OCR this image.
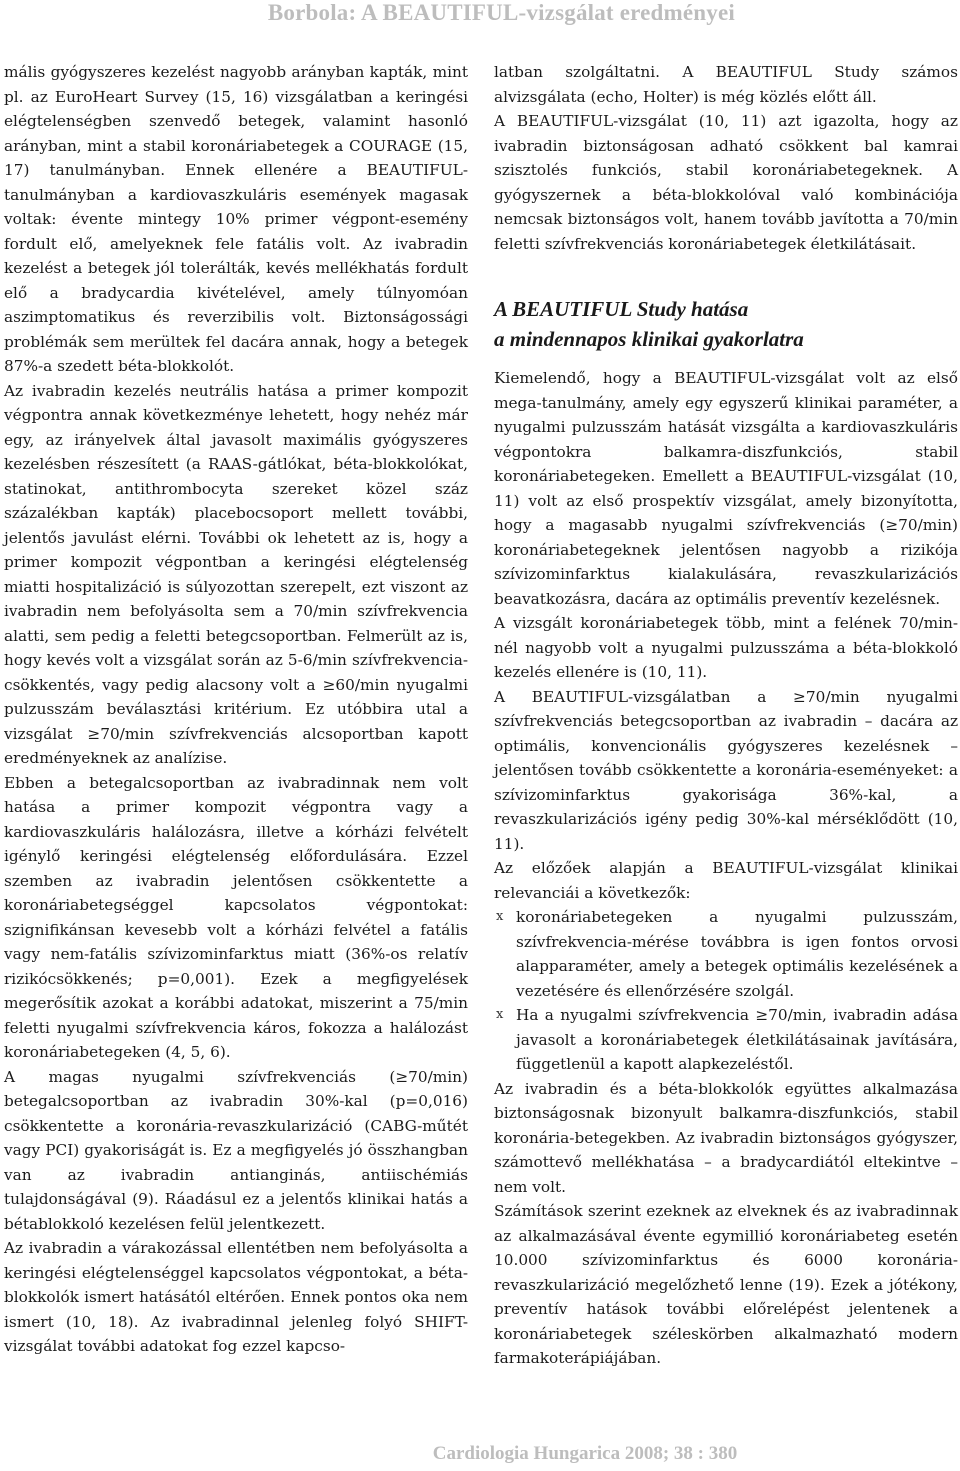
Borbola: A BEAUTIFUL-vizsgálat eredményei

mális gyógyszeres kezelést nagyobb arányban kapták, mint pl. az EuroHeart Survey (15, 16) vizsgálatban a keringési elégtelenségben szenvedő betegek, valamint hasonló arányban, mint a stabil koronáriabetegek a COURAGE (15, 17) tanulmányban. Ennek ellenére a BEAUTIFUL-tanulmányban a kardiovaszkuláris események magasak voltak: évente mintegy 10% primer végpont-esemény fordult elő, amelyeknek fele fatális volt. Az ivabradin kezelést a betegek jól tolerálták, kevés mellékhatás fordult elő a bradycardia kivételével, amely túlnyomóan aszimptomatikus és reverzibilis volt. Biztonságossági problémák sem merültek fel dacára annak, hogy a betegek 87%-a szedett béta-blokkolót.

Az ivabradin kezelés neutrális hatása a primer kompozit végpontra annak következménye lehetett, hogy nehéz már egy, az irányelvek által javasolt maximális gyógyszeres kezelésben részesített (a RAAS-gátlókat, béta-blokkolókat, statinokat, antithrombocyta szereket közel száz százalékban kapták) placebocsoport mellett további, jelentős javulást elérni. További ok lehetett az is, hogy a primer kompozit végpontban a keringési elégtelenség miatti hospitalizáció is súlyozottan szerepelt, ezt viszont az ivabradin nem befolyásolta sem a 70/min szívfrekvencia alatti, sem pedig a feletti betegcsoportban. Felmerült az is, hogy kevés volt a vizsgálat során az 5-6/min szívfrekvencia-csökkentés, vagy pedig alacsony volt a ≥60/min nyugalmi pulzusszám beválasztási kritérium. Ez utóbbira utal a vizsgálat ≥70/min szívfrekvenciás alcsoportban kapott eredményeknek az analízise.

Ebben a betegalcsoportban az ivabradinnak nem volt hatása a primer kompozit végpontra vagy a kardiovaszkuláris halálozásra, illetve a kórházi felvételt igénylő keringési elégtelenség előfordulására. Ezzel szemben az ivabradin jelentősen csökkentette a koronáriabetegséggel kapcsolatos végpontokat: szignifikánsan kevesebb volt a kórházi felvétel a fatális vagy nem-fatális szívizominfarktus miatt (36%-os relatív rizikócsökkenés; p=0,001). Ezek a megfigyelések megerősítik azokat a korábbi adatokat, miszerint a 75/min feletti nyugalmi szívfrekvencia káros, fokozza a halálozást koronáriabetegeken (4, 5, 6).

A magas nyugalmi szívfrekvenciás (≥70/min) betegalcsoportban az ivabradin 30%-kal (p=0,016) csökkentette a koronária-revaszkularizáció (CABG-műtét vagy PCI) gyakoriságát is. Ez a megfigyelés jó összhangban van az ivabradin antianginás, antiischémiás tulajdonságával (9). Ráadásul ez a jelentős klinikai hatás a bétablokkoló kezelésen felül jelentkezett.

Az ivabradin a várakozással ellentétben nem befolyásolta a keringési elégtelenséggel kapcsolatos végpontokat, a béta-blokkolók ismert hatásától eltérően. Ennek pontos oka nem ismert (10, 18). Az ivabradinnal jelenleg folyó SHIFT-vizsgálat további adatokat fog ezzel kapcso-

latban szolgáltatni. A BEAUTIFUL Study számos alvizsgálata (echo, Holter) is még közlés előtt áll.

A BEAUTIFUL-vizsgálat (10, 11) azt igazolta, hogy az ivabradin biztonságosan adható csökkent bal kamrai szisztolés funkciós, stabil koronáriabetegeknek. A gyógyszernek a béta-blokkolóval való kombinációja nemcsak biztonságos volt, hanem tovább javította a 70/min feletti szívfrekvenciás koronáriabetegek életkilátásait.

A BEAUTIFUL Study hatása
a mindennapos klinikai gyakorlatra

Kiemelendő, hogy a BEAUTIFUL-vizsgálat volt az első mega-tanulmány, amely egy egyszerű klinikai paraméter, a nyugalmi pulzusszám hatását vizsgálta a kardiovaszkuláris végpontokra balkamra-diszfunkciós, stabil koronáriabetegeken. Emellett a BEAUTIFUL-vizsgálat (10, 11) volt az első prospektív vizsgálat, amely bizonyította, hogy a magasabb nyugalmi szívfrekvenciás (≥70/min) koronáriabetegeknek jelentősen nagyobb a rizikója szívizominfarktus kialakulására, revaszkularizációs beavatkozásra, dacára az optimális preventív kezelésnek.

A vizsgált koronáriabetegek több, mint a felének 70/min-nél nagyobb volt a nyugalmi pulzusszáma a béta-blokkoló kezelés ellenére is (10, 11).

A BEAUTIFUL-vizsgálatban a ≥70/min nyugalmi szívfrekvenciás betegcsoportban az ivabradin – dacára az optimális, konvencionális gyógyszeres kezelésnek – jelentősen tovább csökkentette a koronária-eseményeket: a szívizominfarktus gyakorisága 36%-kal, a revaszkularizációs igény pedig 30%-kal mérséklődött (10, 11).

Az előzőek alapján a BEAUTIFUL-vizsgálat klinikai relevanciái a következők:

x koronáriabetegeken a nyugalmi pulzusszám, szívfrekvencia-mérése továbbra is igen fontos orvosi alapparaméter, amely a betegek optimális kezelésének a vezetésére és ellenőrzésére szolgál.
x Ha a nyugalmi szívfrekvencia ≥70/min, ivabradin adása javasolt a koronáriabetegek életkilátásainak javítására, függetlenül a kapott alapkezeléstől.

Az ivabradin és a béta-blokkolók együttes alkalmazása biztonságosnak bizonyult balkamra-diszfunkciós, stabil koronária-betegekben. Az ivabradin biztonságos gyógyszer, számottevő mellékhatása – a bradycardiától eltekintve – nem volt.

Számítások szerint ezeknek az elveknek és az ivabradinnak az alkalmazásával évente egymillió koronáriabeteg esetén 10.000 szívizominfarktus és 6000 koronária-revaszkularizáció megelőzhető lenne (19). Ezek a jótékony, preventív hatások további előrelépést jelentenek a koronáriabetegek széleskörben alkalmazható modern farmakoterápiájában.

Cardiologia Hungarica 2008; 38 : 380
